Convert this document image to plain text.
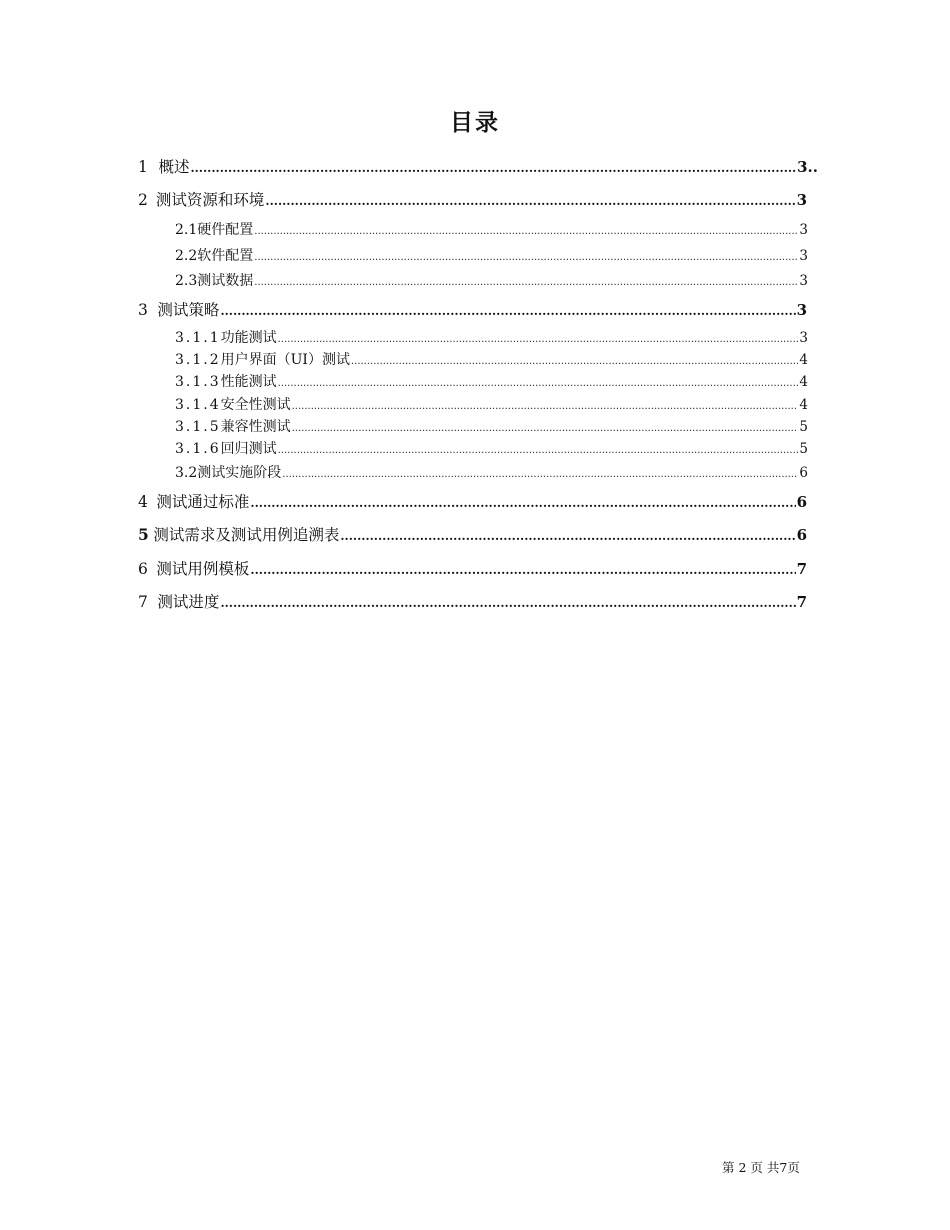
目录
1 概述 .....	3..
2 测试资源和环境 .....	3
2.1 硬件配置 .....	3
2.2 软件配置 .....	3
2.3 测试数据 .....	3
3 测试策略 .....	3
3.1.1 功能测试 .....	3
3.1.2 用户界面（UI）测试 .....	4
3.1.3 性能测试 .....	4
3.1.4 安全性测试 .....	4
3.1.5 兼容性测试 .....	5
3.1.6 回归测试 .....	5
3.2 测试实施阶段 .....	6
4 测试通过标准 .....	6
5 测试需求及测试用例追溯表 .....	6
6 测试用例模板 .....	7
7 测试进度 .....	7
第 2 页 共7页
